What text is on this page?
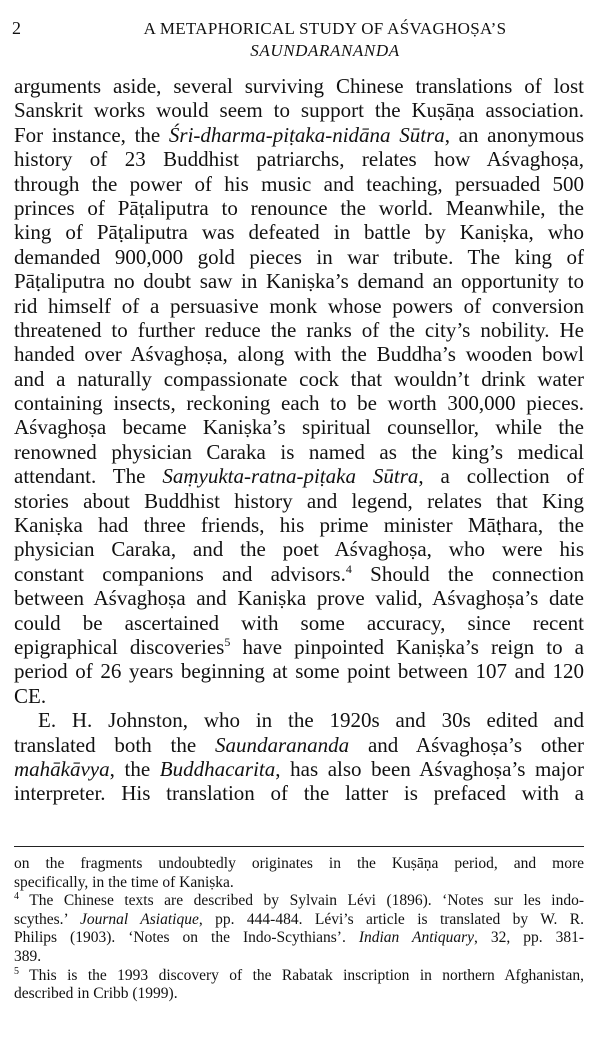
2	A METAPHORICAL STUDY OF AŚVAGHOṢA’S
SAUNDARANANDA
arguments aside, several surviving Chinese translations of lost
Sanskrit works would seem to support the Kuṣāṇa association.
For instance, the Śri-dharma-piṭaka-nidāna Sūtra, an anonymous
history of 23 Buddhist patriarchs, relates how Aśvaghoṣa,
through the power of his music and teaching, persuaded 500
princes of Pāṭaliputra to renounce the world. Meanwhile, the
king of Pāṭaliputra was defeated in battle by Kaniṣka, who
demanded 900,000 gold pieces in war tribute. The king of
Pāṭaliputra no doubt saw in Kaniṣka’s demand an opportunity to
rid himself of a persuasive monk whose powers of conversion
threatened to further reduce the ranks of the city’s nobility. He
handed over Aśvaghoṣa, along with the Buddha’s wooden bowl
and a naturally compassionate cock that wouldn’t drink water
containing insects, reckoning each to be worth 300,000 pieces.
Aśvaghoṣa became Kaniṣka’s spiritual counsellor, while the
renowned physician Caraka is named as the king’s medical
attendant. The Saṃyukta-ratna-piṭaka Sūtra, a collection of
stories about Buddhist history and legend, relates that King
Kaniṣka had three friends, his prime minister Māṭhara, the
physician Caraka, and the poet Aśvaghoṣa, who were his
constant companions and advisors.$^4$ Should the connection
between Aśvaghoṣa and Kaniṣka prove valid, Aśvaghoṣa’s date
could be ascertained with some accuracy, since recent
epigraphical discoveries$^5$ have pinpointed Kaniṣka’s reign to a
period of 26 years beginning at some point between 107 and 120
CE.
E. H. Johnston, who in the 1920s and 30s edited and
translated both the Saundarananda and Aśvaghoṣa’s other
mahākāvya, the Buddhacarita, has also been Aśvaghoṣa’s major
interpreter. His translation of the latter is prefaced with a
on the fragments undoubtedly originates in the Kuṣāṇa period, and more
specifically, in the time of Kaniṣka.
$^4$ The Chinese texts are described by Sylvain Lévi (1896). ‘Notes sur les indo-
scythes.’ Journal Asiatique, pp. 444-484. Lévi’s article is translated by W. R.
Philips (1903). ‘Notes on the Indo-Scythians’. Indian Antiquary, 32, pp. 381-
389.
$^5$ This is the 1993 discovery of the Rabatak inscription in northern Afghanistan,
described in Cribb (1999).
